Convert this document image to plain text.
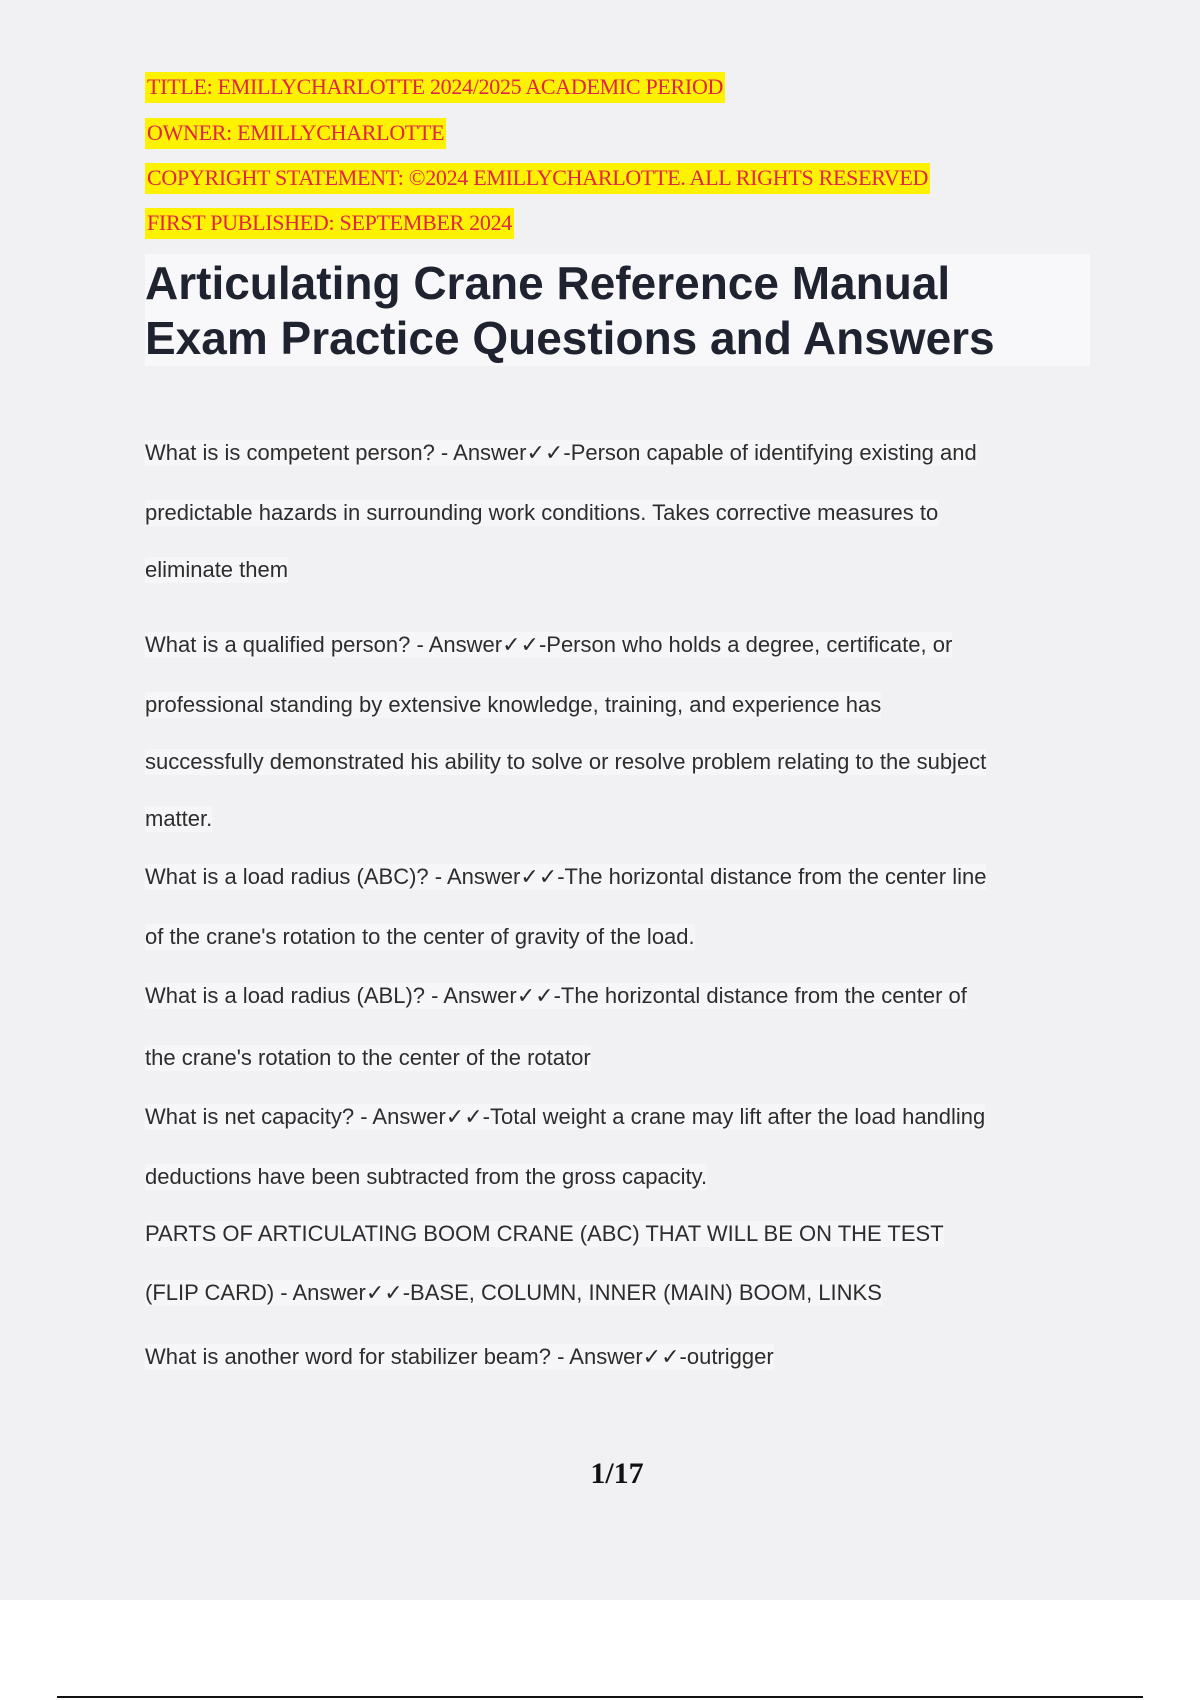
TITLE: EMILLYCHARLOTTE 2024/2025 ACADEMIC PERIOD
OWNER: EMILLYCHARLOTTE
COPYRIGHT STATEMENT: ©2024 EMILLYCHARLOTTE. ALL RIGHTS RESERVED
FIRST PUBLISHED: SEPTEMBER 2024
Articulating Crane Reference Manual
Exam Practice Questions and Answers
What is is competent person? - Answer✓✓-Person capable of identifying existing and
predictable hazards in surrounding work conditions. Takes corrective measures to
eliminate them
What is a qualified person? - Answer✓✓-Person who holds a degree, certificate, or
professional standing by extensive knowledge, training, and experience has
successfully demonstrated his ability to solve or resolve problem relating to the subject
matter.
What is a load radius (ABC)? - Answer✓✓-The horizontal distance from the center line
of the crane's rotation to the center of gravity of the load.
What is a load radius (ABL)? - Answer✓✓-The horizontal distance from the center of
the crane's rotation to the center of the rotator
What is net capacity? - Answer✓✓-Total weight a crane may lift after the load handling
deductions have been subtracted from the gross capacity.
PARTS OF ARTICULATING BOOM CRANE (ABC) THAT WILL BE ON THE TEST
(FLIP CARD) - Answer✓✓-BASE, COLUMN, INNER (MAIN) BOOM, LINKS
What is another word for stabilizer beam? - Answer✓✓-outrigger
1/17
